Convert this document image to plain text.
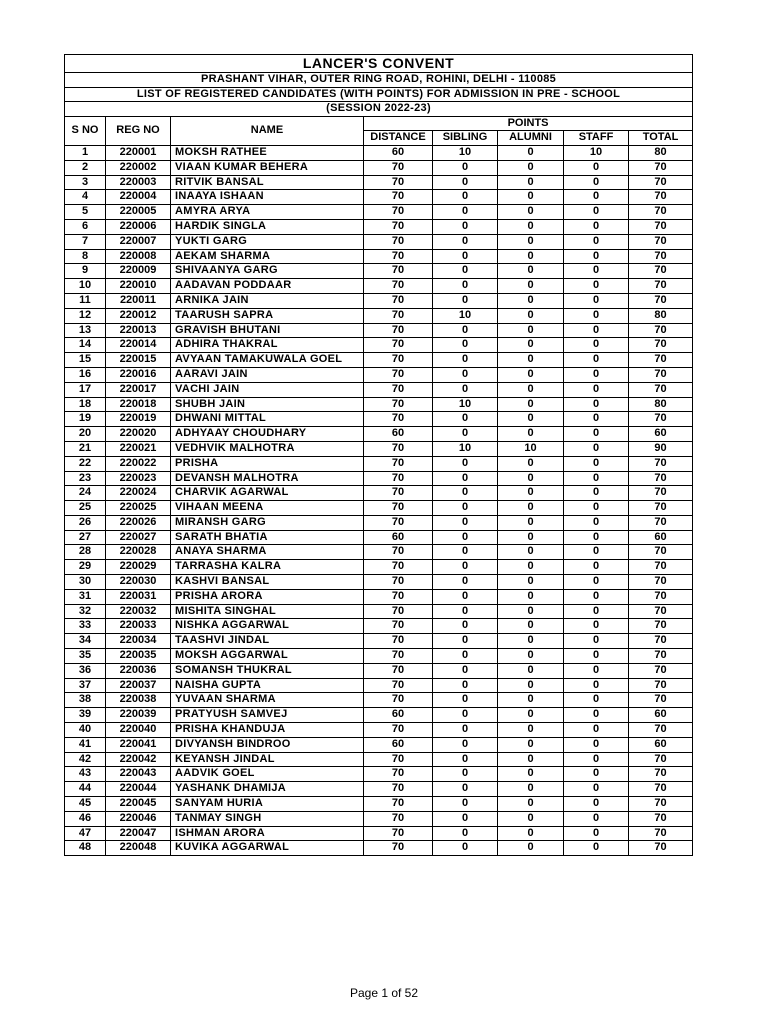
LANCER'S CONVENT							
PRASHANT VIHAR, OUTER RING ROAD, ROHINI, DELHI - 110085							
LIST OF REGISTERED CANDIDATES (WITH POINTS) FOR ADMISSION IN PRE - SCHOOL							
(SESSION 2022-23)							
S NO	REG NO	NAME	POINTS				
			DISTANCE	SIBLING	ALUMNI	STAFF	TOTAL
1	220001	MOKSH RATHEE	60	10	0	10	80
2	220002	VIAAN KUMAR BEHERA	70	0	0	0	70
3	220003	RITVIK BANSAL	70	0	0	0	70
4	220004	INAAYA ISHAAN	70	0	0	0	70
5	220005	AMYRA ARYA	70	0	0	0	70
6	220006	HARDIK SINGLA	70	0	0	0	70
7	220007	YUKTI GARG	70	0	0	0	70
8	220008	AEKAM SHARMA	70	0	0	0	70
9	220009	SHIVAANYA GARG	70	0	0	0	70
10	220010	AADAVAN PODDAAR	70	0	0	0	70
11	220011	ARNIKA JAIN	70	0	0	0	70
12	220012	TAARUSH SAPRA	70	10	0	0	80
13	220013	GRAVISH BHUTANI	70	0	0	0	70
14	220014	ADHIRA THAKRAL	70	0	0	0	70
15	220015	AVYAAN TAMAKUWALA GOEL	70	0	0	0	70
16	220016	AARAVI JAIN	70	0	0	0	70
17	220017	VACHI JAIN	70	0	0	0	70
18	220018	SHUBH JAIN	70	10	0	0	80
19	220019	DHWANI MITTAL	70	0	0	0	70
20	220020	ADHYAAY CHOUDHARY	60	0	0	0	60
21	220021	VEDHVIK MALHOTRA	70	10	10	0	90
22	220022	PRISHA	70	0	0	0	70
23	220023	DEVANSH MALHOTRA	70	0	0	0	70
24	220024	CHARVIK AGARWAL	70	0	0	0	70
25	220025	VIHAAN MEENA	70	0	0	0	70
26	220026	MIRANSH GARG	70	0	0	0	70
27	220027	SARATH BHATIA	60	0	0	0	60
28	220028	ANAYA SHARMA	70	0	0	0	70
29	220029	TARRASHA KALRA	70	0	0	0	70
30	220030	KASHVI BANSAL	70	0	0	0	70
31	220031	PRISHA ARORA	70	0	0	0	70
32	220032	MISHITA SINGHAL	70	0	0	0	70
33	220033	NISHKA AGGARWAL	70	0	0	0	70
34	220034	TAASHVI JINDAL	70	0	0	0	70
35	220035	MOKSH AGGARWAL	70	0	0	0	70
36	220036	SOMANSH THUKRAL	70	0	0	0	70
37	220037	NAISHA GUPTA	70	0	0	0	70
38	220038	YUVAAN SHARMA	70	0	0	0	70
39	220039	PRATYUSH SAMVEJ	60	0	0	0	60
40	220040	PRISHA KHANDUJA	70	0	0	0	70
41	220041	DIVYANSH BINDROO	60	0	0	0	60
42	220042	KEYANSH JINDAL	70	0	0	0	70
43	220043	AADVIK GOEL	70	0	0	0	70
44	220044	YASHANK DHAMIJA	70	0	0	0	70
45	220045	SANYAM HURIA	70	0	0	0	70
46	220046	TANMAY SINGH	70	0	0	0	70
47	220047	ISHMAN ARORA	70	0	0	0	70
48	220048	KUVIKA AGGARWAL	70	0	0	0	70
Page 1 of 52
